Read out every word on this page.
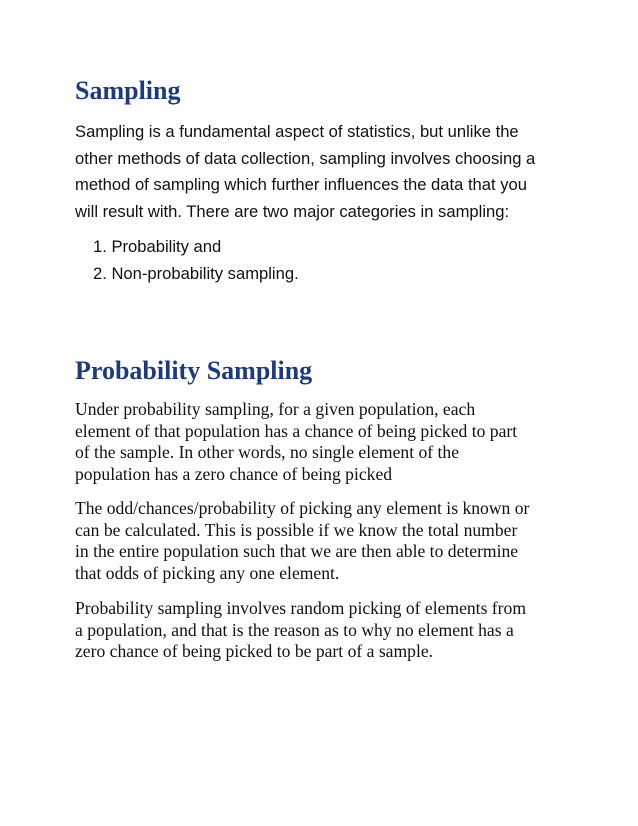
Sampling

Sampling is a fundamental aspect of statistics, but unlike the
other methods of data collection, sampling involves choosing a
method of sampling which further influences the data that you
will result with. There are two major categories in sampling:

1. Probability and
2. Non-probability sampling.
Probability Sampling

Under probability sampling, for a given population, each
element of that population has a chance of being picked to part
of the sample. In other words, no single element of the
population has a zero chance of being picked

The odd/chances/probability of picking any element is known or
can be calculated. This is possible if we know the total number
in the entire population such that we are then able to determine
that odds of picking any one element.

Probability sampling involves random picking of elements from
a population, and that is the reason as to why no element has a
zero chance of being picked to be part of a sample.
